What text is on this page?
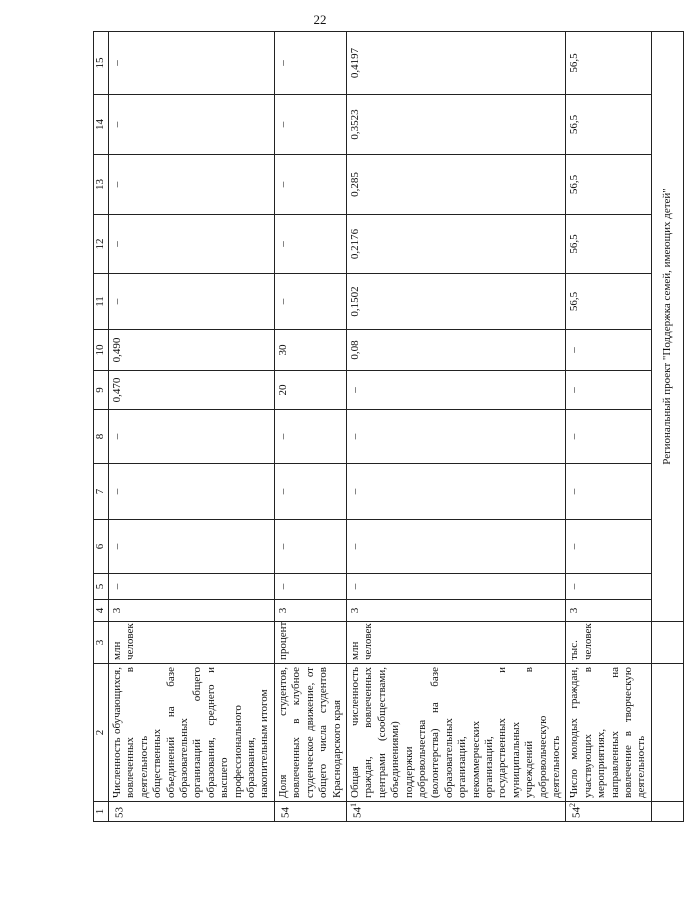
22
1	2	3	4	5	6	7	8	9	10	11	12	13	14	15
53	Численность обучающихся, вовлеченных в деятельность общественных объединений на базе образовательных организаций общего образования, среднего и высшего профессионального образования, накопительным итогом	млн человек	3	–	–	–	–	0,470	0,490	–	–	–	–	–
54	Доля студентов, вовлеченных в клубное студенческое движение, от общего числа студентов Краснодарского края	процент	3	–	–	–	–	20	30	–	–	–	–	–
$54^1$	Общая численность граждан, вовлеченных центрами (сообществами, объединениями) поддержки добровольчества (волонтерства) на базе образовательных организаций, некоммерческих организаций, государственных и муниципальных учреждений в добровольческую деятельность	млн человек	3	–	–	–	–	–	0,08	0,1502	0,2176	0,285	0,3523	0,4197
$54^2$	Число молодых граждан, участвующих в мероприятиях, направленных на вовлечение в творческую деятельность	тыс. человек	3	–	–	–	–	–	–	56,5	56,5	56,5	56,5	56,5
			Региональный проект "Поддержка семей, имеющих детей"											
